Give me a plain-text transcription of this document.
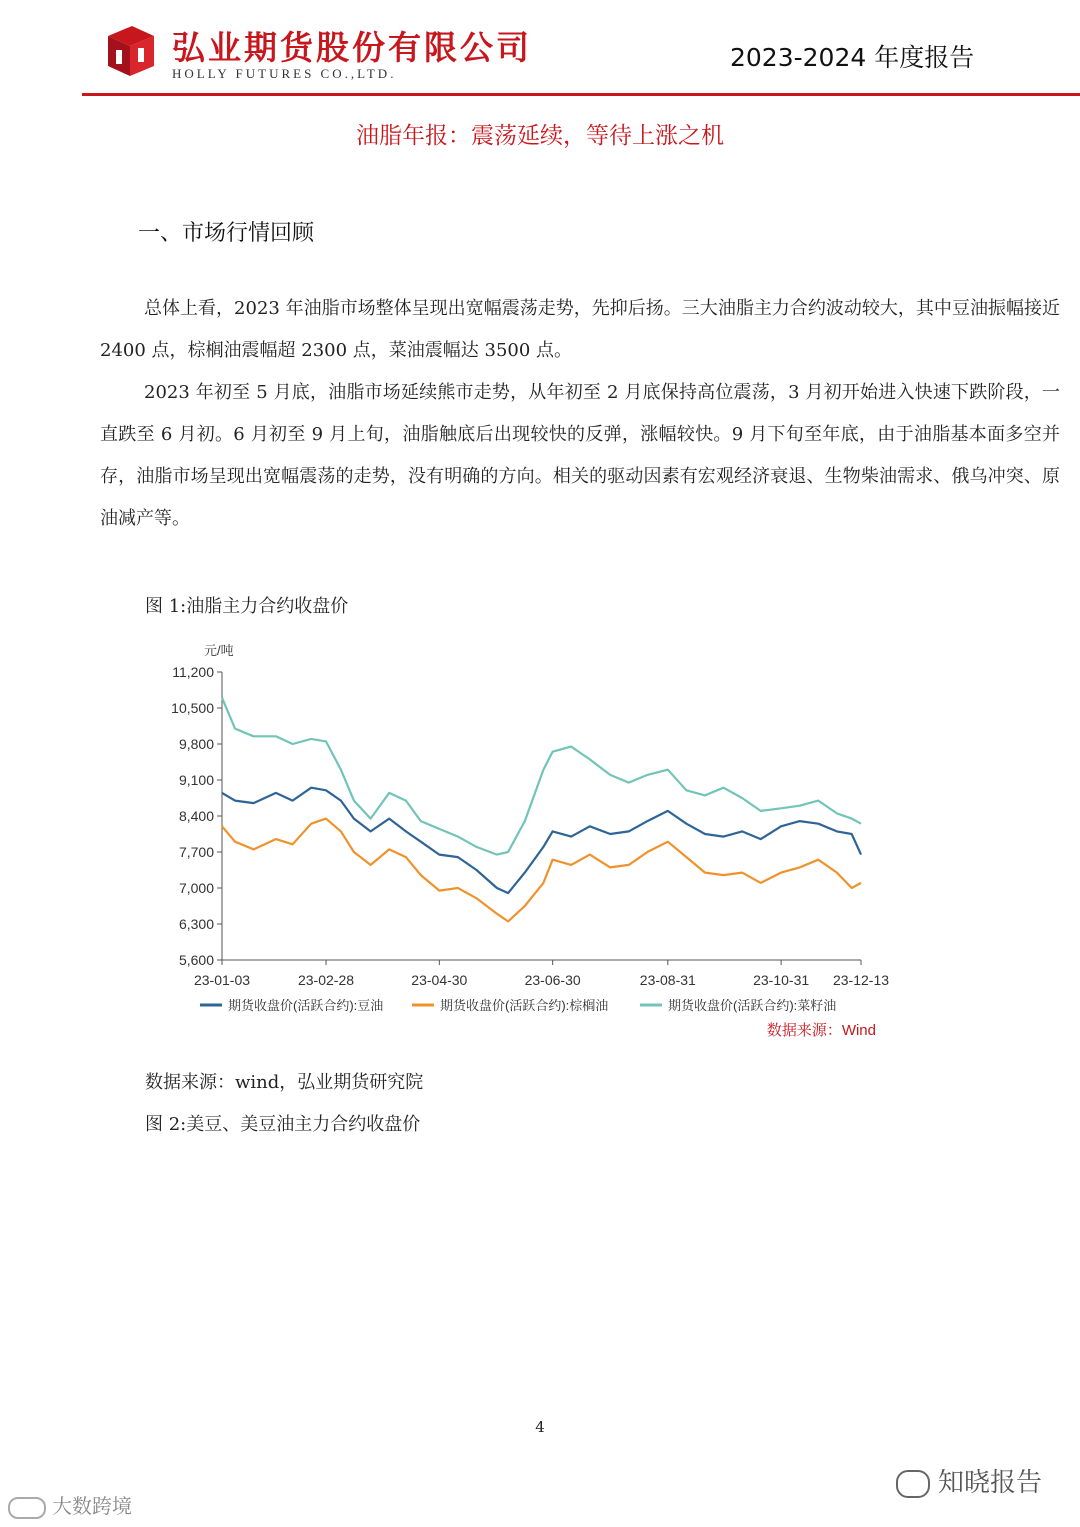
弘业期货股份有限公司
HOLLY FUTURES CO.,LTD.
2023-2024 年度报告
油脂年报：震荡延续，等待上涨之机
一、市场行情回顾

总体上看，2023 年油脂市场整体呈现出宽幅震荡走势，先抑后扬。三大油脂主力合约波动较大，其中豆油振幅接近 2400 点，棕榈油震幅超 2300 点，菜油震幅达 3500 点。

2023 年初至 5 月底，油脂市场延续熊市走势，从年初至 2 月底保持高位震荡，3 月初开始进入快速下跌阶段，一直跌至 6 月初。6 月初至 9 月上旬，油脂触底后出现较快的反弹，涨幅较快。9 月下旬至年底，由于油脂基本面多空并存，油脂市场呈现出宽幅震荡的走势，没有明确的方向。相关的驱动因素有宏观经济衰退、生物柴油需求、俄乌冲突、原油减产等。

图 1:油脂主力合约收盘价
元/吨
5,600
6,300
7,000
7,700
8,400
9,100
9,800
10,500
11,200
23-01-03	23-02-28	23-04-30	23-06-30	23-08-31	23-10-31 23-12-13
期货收盘价(活跃合约):豆油	期货收盘价(活跃合约):棕榈油	期货收盘价(活跃合约):菜籽油
数据来源：Wind
数据来源：wind，弘业期货研究院
图 2:美豆、美豆油主力合约收盘价
4
大数跨境
知晓报告
